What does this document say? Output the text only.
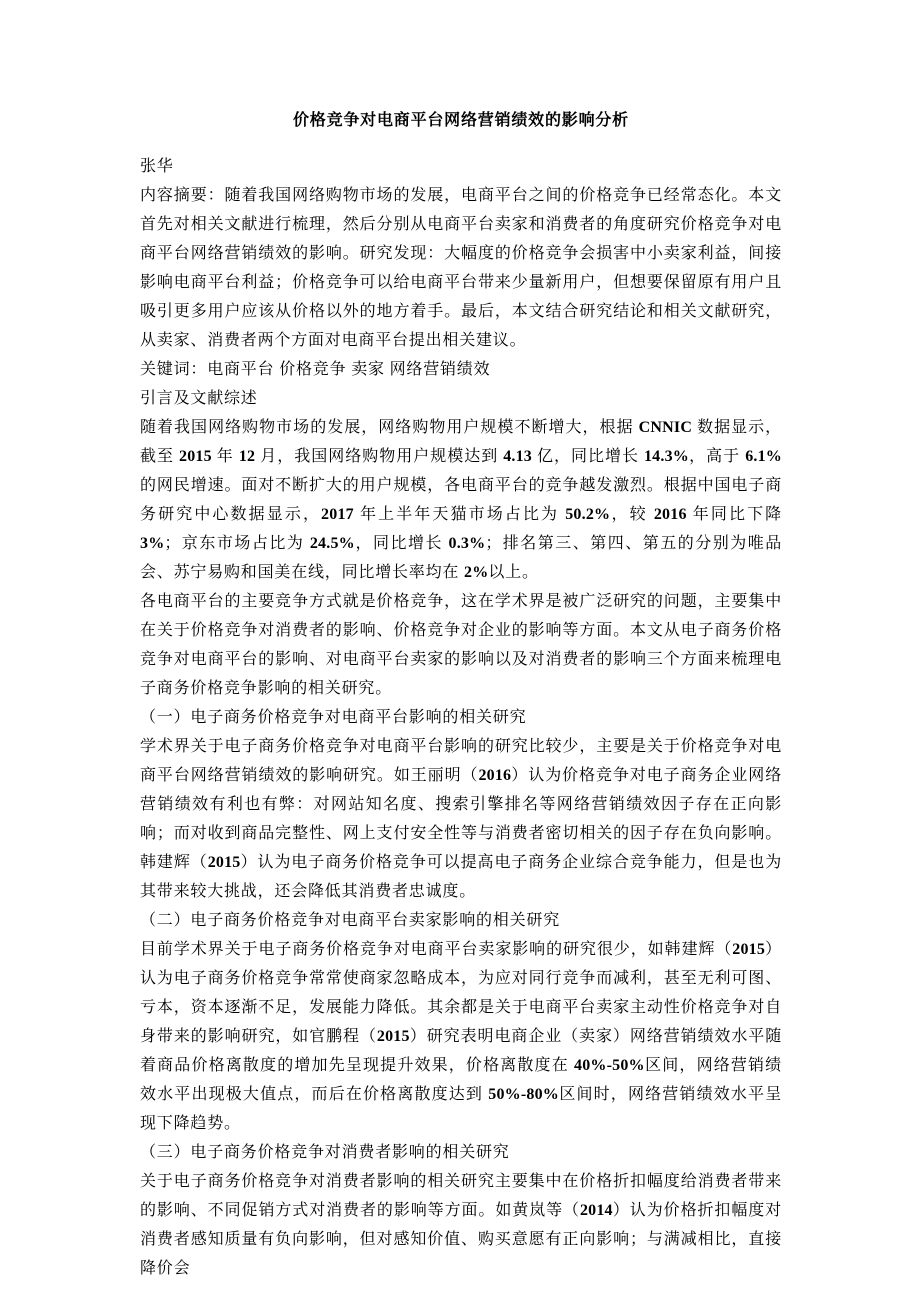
价格竞争对电商平台网络营销绩效的影响分析

张华

内容摘要：随着我国网络购物市场的发展，电商平台之间的价格竞争已经常态化。本文首先对相关文献进行梳理，然后分别从电商平台卖家和消费者的角度研究价格竞争对电商平台网络营销绩效的影响。研究发现：大幅度的价格竞争会损害中小卖家利益，间接影响电商平台利益；价格竞争可以给电商平台带来少量新用户，但想要保留原有用户且吸引更多用户应该从价格以外的地方着手。最后，本文结合研究结论和相关文献研究，从卖家、消费者两个方面对电商平台提出相关建议。

关键词：电商平台 价格竞争 卖家 网络营销绩效

引言及文献综述

随着我国网络购物市场的发展，网络购物用户规模不断增大，根据 CNNIC 数据显示，截至 2015 年 12 月，我国网络购物用户规模达到 4.13 亿，同比增长 14.3%，高于 6.1%的网民增速。面对不断扩大的用户规模，各电商平台的竞争越发激烈。根据中国电子商务研究中心数据显示，2017 年上半年天猫市场占比为 50.2%，较 2016 年同比下降 3%；京东市场占比为 24.5%，同比增长 0.3%；排名第三、第四、第五的分别为唯品会、苏宁易购和国美在线，同比增长率均在 2%以上。

各电商平台的主要竞争方式就是价格竞争，这在学术界是被广泛研究的问题，主要集中在关于价格竞争对消费者的影响、价格竞争对企业的影响等方面。本文从电子商务价格竞争对电商平台的影响、对电商平台卖家的影响以及对消费者的影响三个方面来梳理电子商务价格竞争影响的相关研究。

（一）电子商务价格竞争对电商平台影响的相关研究

学术界关于电子商务价格竞争对电商平台影响的研究比较少，主要是关于价格竞争对电商平台网络营销绩效的影响研究。如王丽明（2016）认为价格竞争对电子商务企业网络营销绩效有利也有弊：对网站知名度、搜索引擎排名等网络营销绩效因子存在正向影响；而对收到商品完整性、网上支付安全性等与消费者密切相关的因子存在负向影响。韩建辉（2015）认为电子商务价格竞争可以提高电子商务企业综合竞争能力，但是也为其带来较大挑战，还会降低其消费者忠诚度。

（二）电子商务价格竞争对电商平台卖家影响的相关研究

目前学术界关于电子商务价格竞争对电商平台卖家影响的研究很少，如韩建辉（2015）认为电子商务价格竞争常常使商家忽略成本，为应对同行竞争而减利，甚至无利可图、亏本，资本逐渐不足，发展能力降低。其余都是关于电商平台卖家主动性价格竞争对自身带来的影响研究，如官鹏程（2015）研究表明电商企业（卖家）网络营销绩效水平随着商品价格离散度的增加先呈现提升效果，价格离散度在 40%-50%区间，网络营销绩效水平出现极大值点，而后在价格离散度达到 50%-80%区间时，网络营销绩效水平呈现下降趋势。

（三）电子商务价格竞争对消费者影响的相关研究

关于电子商务价格竞争对消费者影响的相关研究主要集中在价格折扣幅度给消费者带来的影响、不同促销方式对消费者的影响等方面。如黄岚等（2014）认为价格折扣幅度对消费者感知质量有负向影响，但对感知价值、购买意愿有正向影响；与满减相比，直接降价会
